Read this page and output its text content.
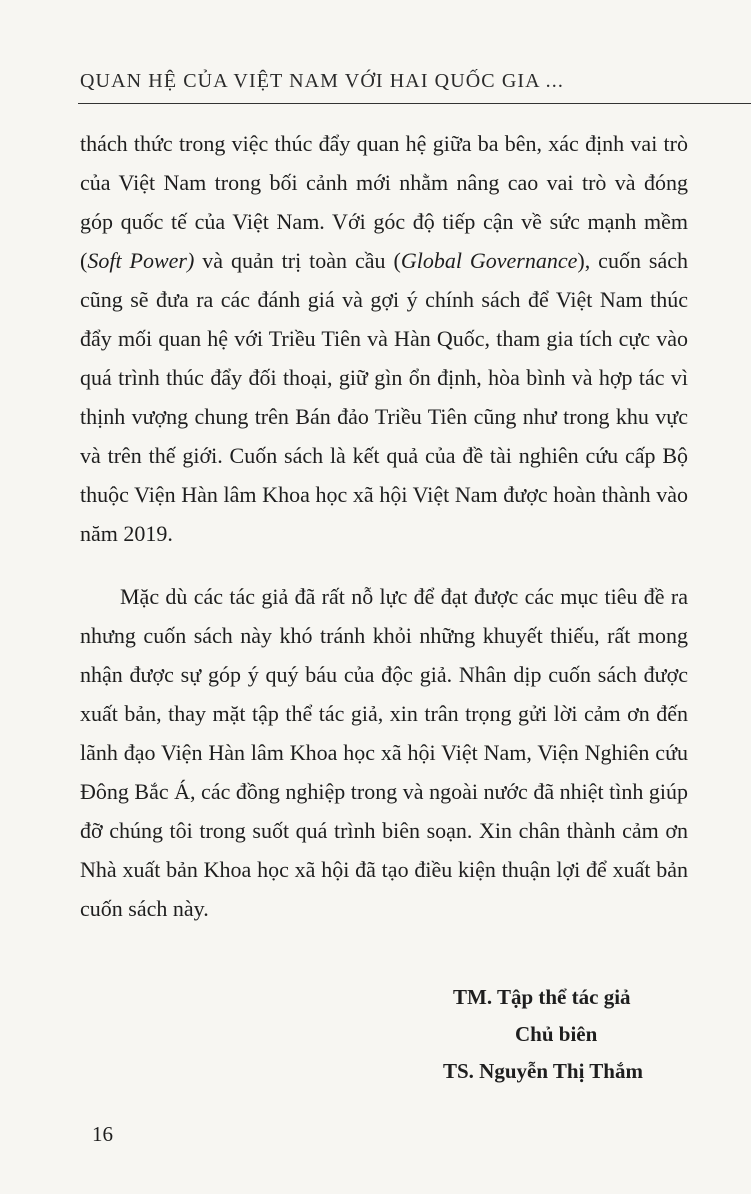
QUAN HỆ CỦA VIỆT NAM VỚI HAI QUỐC GIA ...

thách thức trong việc thúc đẩy quan hệ giữa ba bên, xác định vai trò của Việt Nam trong bối cảnh mới nhằm nâng cao vai trò và đóng góp quốc tế của Việt Nam. Với góc độ tiếp cận về sức mạnh mềm (Soft Power) và quản trị toàn cầu (Global Governance), cuốn sách cũng sẽ đưa ra các đánh giá và gợi ý chính sách để Việt Nam thúc đẩy mối quan hệ với Triều Tiên và Hàn Quốc, tham gia tích cực vào quá trình thúc đẩy đối thoại, giữ gìn ổn định, hòa bình và hợp tác vì thịnh vượng chung trên Bán đảo Triều Tiên cũng như trong khu vực và trên thế giới. Cuốn sách là kết quả của đề tài nghiên cứu cấp Bộ thuộc Viện Hàn lâm Khoa học xã hội Việt Nam được hoàn thành vào năm 2019.

Mặc dù các tác giả đã rất nỗ lực để đạt được các mục tiêu đề ra nhưng cuốn sách này khó tránh khỏi những khuyết thiếu, rất mong nhận được sự góp ý quý báu của độc giả. Nhân dịp cuốn sách được xuất bản, thay mặt tập thể tác giả, xin trân trọng gửi lời cảm ơn đến lãnh đạo Viện Hàn lâm Khoa học xã hội Việt Nam, Viện Nghiên cứu Đông Bắc Á, các đồng nghiệp trong và ngoài nước đã nhiệt tình giúp đỡ chúng tôi trong suốt quá trình biên soạn. Xin chân thành cảm ơn Nhà xuất bản Khoa học xã hội đã tạo điều kiện thuận lợi để xuất bản cuốn sách này.

TM. Tập thể tác giả
Chủ biên
TS. Nguyễn Thị Thắm
16
